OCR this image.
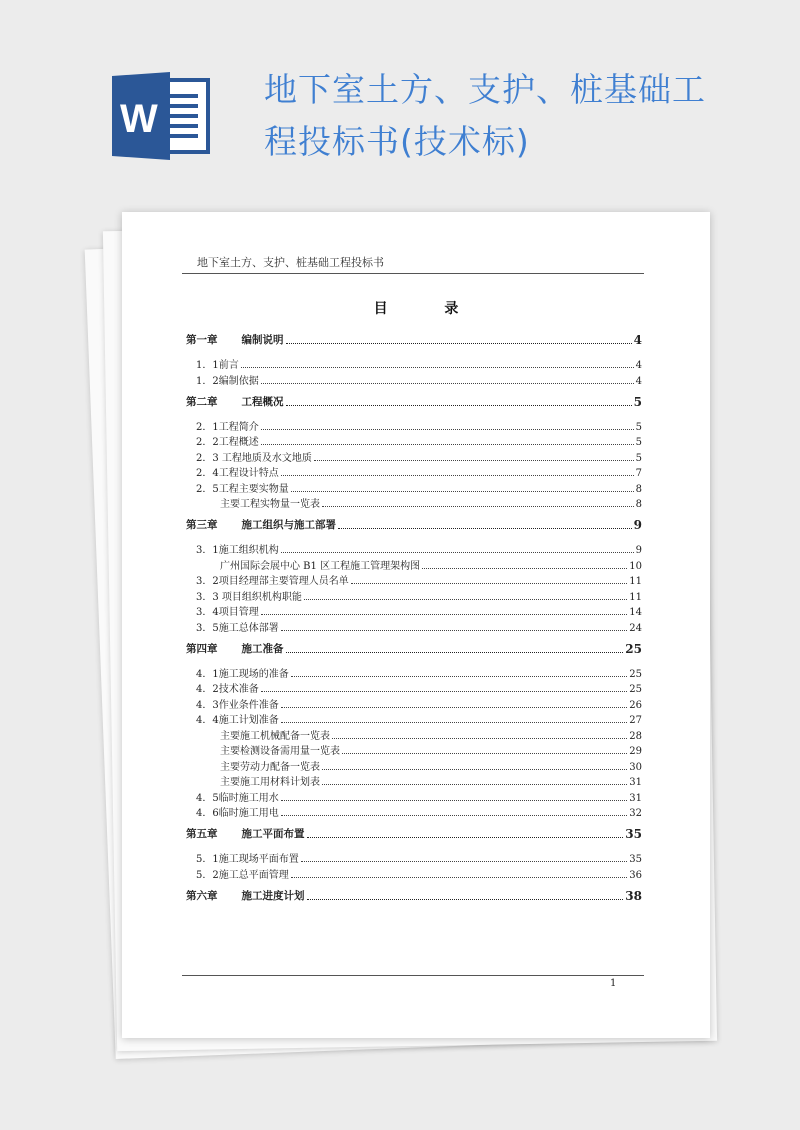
W
地下室土方、支护、桩基础工
程投标书(技术标)
地下室土方、支护、桩基础工程投标书
目 录
第一章 编制说明	4
1．1前言	4
1．2编制依据	4
第二章 工程概况	5
2．1工程简介	5
2．2工程概述	5
2．3 工程地质及水文地质	5
2．4工程设计特点	7
2．5工程主要实物量	8
主要工程实物量一览表	8
第三章 施工组织与施工部署	9
3．1施工组织机构	9
广州国际会展中心 B1 区工程施工管理架构图	10
3．2项目经理部主要管理人员名单	11
3．3 项目组织机构职能	11
3．4项目管理	14
3．5施工总体部署	24
第四章 施工准备	25
4．1施工现场的准备	25
4．2技术准备	25
4．3作业条件准备	26
4．4施工计划准备	27
主要施工机械配备一览表	28
主要检测设备需用量一览表	29
主要劳动力配备一览表	30
主要施工用材料计划表	31
4．5临时施工用水	31
4．6临时施工用电	32
第五章 施工平面布置	35
5．1施工现场平面布置	35
5．2施工总平面管理	36
第六章 施工进度计划	38
1
